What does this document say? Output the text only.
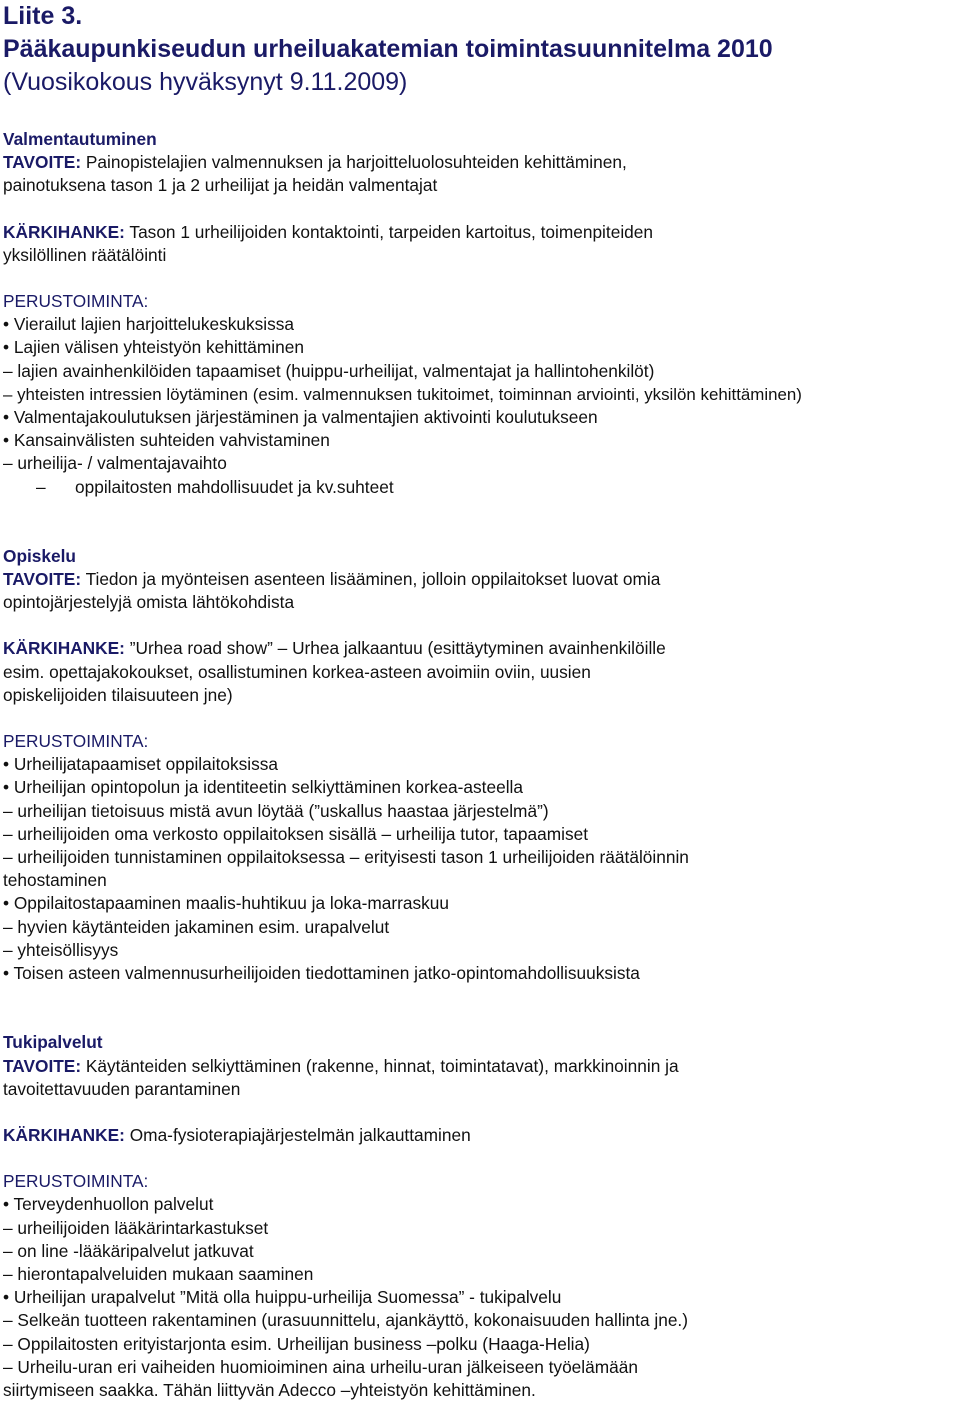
Liite 3.
Pääkaupunkiseudun urheiluakatemian toimintasuunnitelma 2010
(Vuosikokous hyväksynyt 9.11.2009)

Valmentautuminen

TAVOITE: Painopistelajien valmennuksen ja harjoitteluolosuhteiden kehittäminen,

painotuksena tason 1 ja 2 urheilijat ja heidän valmentajat

KÄRKIHANKE: Tason 1 urheilijoiden kontaktointi, tarpeiden kartoitus, toimenpiteiden

yksilöllinen räätälöinti

PERUSTOIMINTA:

• Vierailut lajien harjoittelukeskuksissa

• Lajien välisen yhteistyön kehittäminen

– lajien avainhenkilöiden tapaamiset (huippu-urheilijat, valmentajat ja hallintohenkilöt)

– yhteisten intressien löytäminen (esim. valmennuksen tukitoimet, toiminnan arviointi, yksilön kehittäminen)

• Valmentajakoulutuksen järjestäminen ja valmentajien aktivointi koulutukseen

• Kansainvälisten suhteiden vahvistaminen

– urheilija- / valmentajavaihto

– oppilaitosten mahdollisuudet ja kv.suhteet

Opiskelu

TAVOITE: Tiedon ja myönteisen asenteen lisääminen, jolloin oppilaitokset luovat omia

opintojärjestelyjä omista lähtökohdista

KÄRKIHANKE: ”Urhea road show” – Urhea jalkaantuu (esittäytyminen avainhenkilöille

esim. opettajakokoukset, osallistuminen korkea-asteen avoimiin oviin, uusien

opiskelijoiden tilaisuuteen jne)

PERUSTOIMINTA:

• Urheilijatapaamiset oppilaitoksissa

• Urheilijan opintopolun ja identiteetin selkiyttäminen korkea-asteella

– urheilijan tietoisuus mistä avun löytää (”uskallus haastaa järjestelmä”)

– urheilijoiden oma verkosto oppilaitoksen sisällä – urheilija tutor, tapaamiset

– urheilijoiden tunnistaminen oppilaitoksessa – erityisesti tason 1 urheilijoiden räätälöinnin

tehostaminen

• Oppilaitostapaaminen maalis-huhtikuu ja loka-marraskuu

– hyvien käytänteiden jakaminen esim. urapalvelut

– yhteisöllisyys

• Toisen asteen valmennusurheilijoiden tiedottaminen jatko-opintomahdollisuuksista

Tukipalvelut

TAVOITE: Käytänteiden selkiyttäminen (rakenne, hinnat, toimintatavat), markkinoinnin ja

tavoitettavuuden parantaminen

KÄRKIHANKE: Oma-fysioterapiajärjestelmän jalkauttaminen

PERUSTOIMINTA:

• Terveydenhuollon palvelut

– urheilijoiden lääkärintarkastukset

– on line -lääkäripalvelut jatkuvat

– hierontapalveluiden mukaan saaminen

• Urheilijan urapalvelut ”Mitä olla huippu-urheilija Suomessa” - tukipalvelu

– Selkeän tuotteen rakentaminen (urasuunnittelu, ajankäyttö, kokonaisuuden hallinta jne.)

– Oppilaitosten erityistarjonta esim. Urheilijan business –polku (Haaga-Helia)

– Urheilu-uran eri vaiheiden huomioiminen aina urheilu-uran jälkeiseen työelämään

siirtymiseen saakka. Tähän liittyvän Adecco –yhteistyön kehittäminen.
